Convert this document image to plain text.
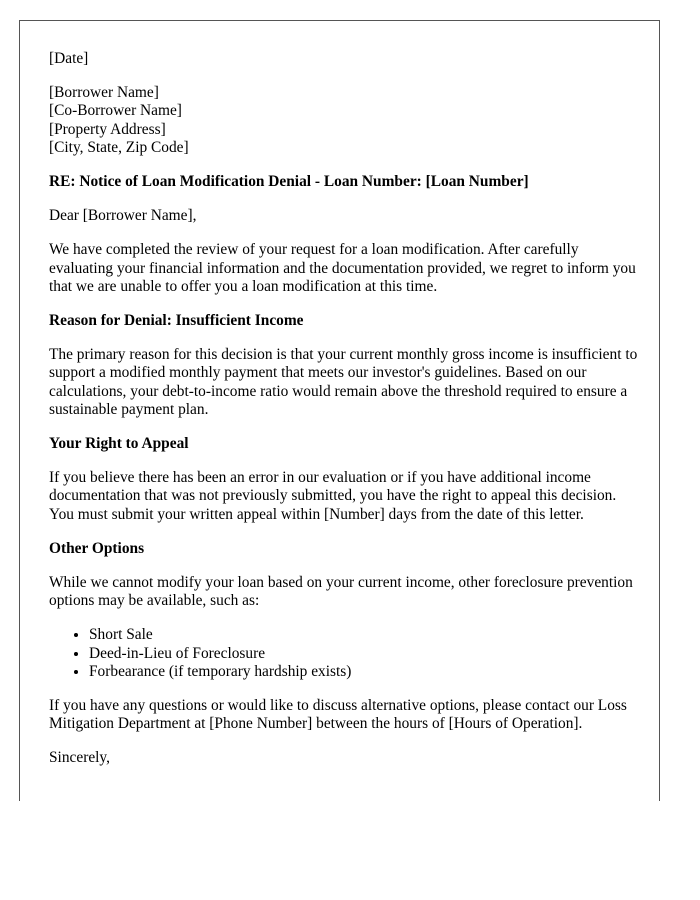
[Date]
[Borrower Name]
[Co-Borrower Name]
[Property Address]
[City, State, Zip Code]
RE: Notice of Loan Modification Denial - Loan Number: [Loan Number]
Dear [Borrower Name],

We have completed the review of your request for a loan modification. After carefully evaluating your financial information and the documentation provided, we regret to inform you that we are unable to offer you a loan modification at this time.

Reason for Denial: Insufficient Income

The primary reason for this decision is that your current monthly gross income is insufficient to support a modified monthly payment that meets our investor's guidelines. Based on our calculations, your debt-to-income ratio would remain above the threshold required to ensure a sustainable payment plan.

Your Right to Appeal

If you believe there has been an error in our evaluation or if you have additional income documentation that was not previously submitted, you have the right to appeal this decision. You must submit your written appeal within [Number] days from the date of this letter.

Other Options

While we cannot modify your loan based on your current income, other foreclosure prevention options may be available, such as:

• Short Sale
• Deed-in-Lieu of Foreclosure
• Forbearance (if temporary hardship exists)

If you have any questions or would like to discuss alternative options, please contact our Loss Mitigation Department at [Phone Number] between the hours of [Hours of Operation].

Sincerely,
